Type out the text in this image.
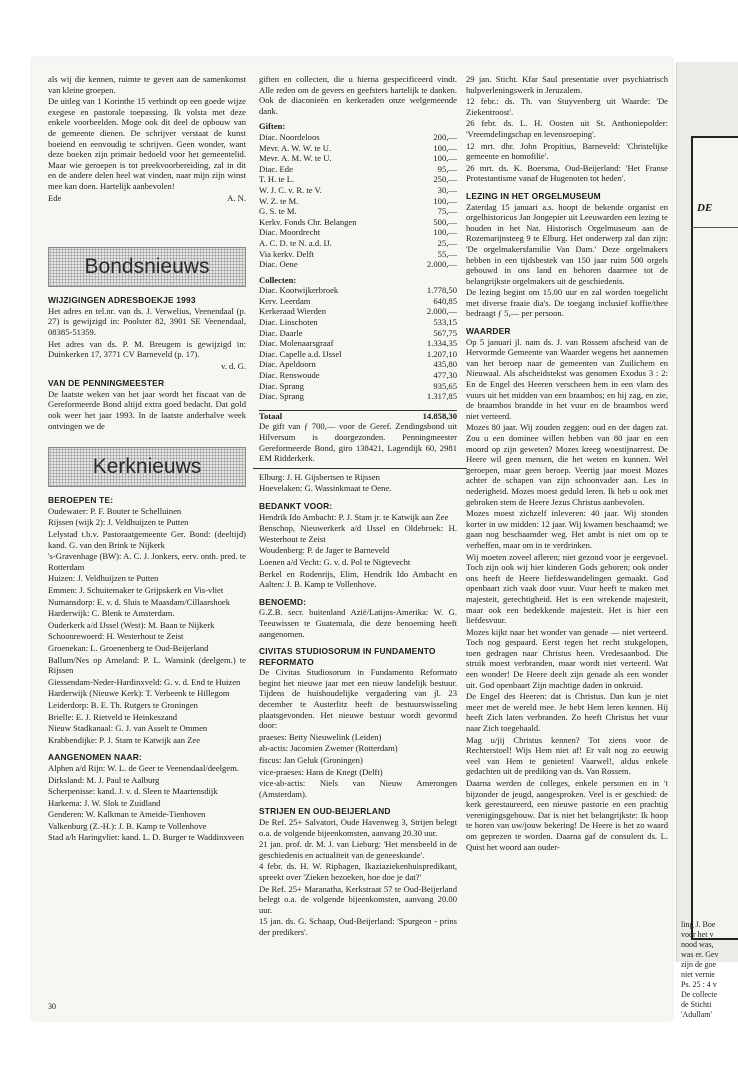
DE
ling J. Boe
voor het v
nood was,
was er. Gev
zijn de goe
niet vernie
Ps. 25 : 4 v
De collecte
de Stichti
'Adullam'

als wij die kennen, ruimte te geven aan de samenkomst van kleine groepen.

De uitleg van 1 Korinthe 15 verbindt op een goede wijze exegese en pastorale toepassing. Ik volsta met deze enkele voorbeelden. Moge ook dit deel de opbouw van de gemeente dienen. De schrijver verstaat de kunst boeiend en eenvoudig te schrijven. Geen wonder, want deze boeken zijn primair bedoeld voor het gemeentelid. Maar wie geroepen is tot preekvoorbereiding, zal in dit en de andere delen heel wat vinden, naar mijn zijn winst mee kan doen. Hartelijk aanbevolen!

Ede	A. N.
Bondsnieuws
WIJZIGINGEN ADRESBOEKJE 1993

Het adres en tel.nr. van ds. J. Verwelius, Veenendaal (p. 27) is gewijzigd in: Poolster 82, 3901 SE Veenendaal, 08385-51359.

Het adres van ds. P. M. Breugem is gewijzigd in: Duinkerken 17, 3771 CV Barneveld (p. 17).

v. d. G.
VAN DE PENNINGMEESTER

De laatste weken van het jaar wordt het fiscaat van de Gereformeerde Bond altijd extra goed bedacht. Dat gold ook weer het jaar 1993. In de laatste anderhalve week ontvingen we de

Kerknieuws
BEROEPEN TE:

Oudewater: P. F. Bouter te Schelluinen

Rijssen (wijk 2): J. Veldhuijzen te Putten

Lelystad t.b.v. Pastoraatgemeente Ger. Bond: (deeltijd) kand. G. van den Brink te Nijkerk

's-Gravenhage (BW): A. C. J. Jonkers, eerv. onth. pred. te Rotterdam

Huizen: J. Veldhuijzen te Putten

Emmen: J. Schuitemaker te Grijpskerk en Vis-vliet

Numansdorp: E. v. d. Sluis te Maasdam/Cillaarshoek

Harderwijk: C. Blenk te Amsterdam.

Ouderkerk a/d IJssel (West): M. Baan te Nijkerk

Schoonrewoerd: H. Westerhout te Zeist

Groenekan: L. Groenenberg te Oud-Beijerland

Ballum/Nes op Ameland: P. L. Wansink (deelgem.) te Rijssen

Giessendam-Neder-Hardinxveld: G. v. d. End te Huizen

Harderwijk (Nieuwe Kerk): T. Verbeenk te Hillegom

Leiderdorp: B. E. Th. Rutgers te Groningen

Brielle: E. J. Rietveld te Heinkeszand

Nieuw Stadkanaal: G. J. van Asselt te Ommen

Krabbendijke: P. J. Stam te Katwijk aan Zee

AANGENOMEN NAAR:

Alphen a/d Rijn: W. L. de Geer te Veenendaal/deelgem.

Dirksland: M. J. Paul te Aalburg

Scherpenisse: kand. J. v. d. Sleen te Maartensdijk

Harkema: J. W. Slok te Zuidland

Genderen: W. Kalkman te Ameide-Tienhoven

Valkenburg (Z.-H.): J. B. Kamp te Vollenhove

Stad a/h Haringvliet: kand. L. D. Burger te Waddinxveen

30

giften en collecten, die u hierna gespecificeerd vindt. Alle reden om de gevers en geefsters hartelijk te danken. Ook de diaconieën en kerkeraden onze welgemeende dank.

Giften:
Diac. Noordeloos	200,—
Mevr. A. W. W. te U.	100,—
Mevr. A. M. W. te U.	100,—
Diac. Ede	95,—
T. H. te L.	250,—
W. J. C. v. R. te V.	30,—
W. Z. te M.	100,—
G. S. te M.	75,—
Kerkv. Fonds Chr. Belangen	500,—
Diac. Moordrecht	100,—
A. C. D. te N. a.d. IJ.	25,—
Via kerkv. Delft	55,—
Diac. Oene	2.000,—
Collecten:
Diac. Kootwijkerbroek	1.778,50
Kerv. Leerdam	640,85
Kerkeraad Wierden	2.000,—
Diac. Linschoten	533,15
Diac. Daarle	567,75
Diac. Molenaarsgraaf	1.334,35
Diac. Capelle a.d. IJssel	1.207,10
Diac. Apeldoorn	435,80
Diac. Renswoude	477,30
Diac. Sprang	935,65
Diac. Sprang	1.317,85

Totaal	14.858,30

De gift van ƒ 700,— voor de Geref. Zendingsbond uit Hilversum is doorgezonden. Penningmeester Gereformeerde Bond, giro 138421, Lagendijk 60, 2981 EM Ridderkerk.

Elburg: J. H. Gijsbertsen te Rijssen

Hoevelaken: G. Wassinkmaat te Oene.

BEDANKT VOOR:

Hendrik Ido Ambacht: P. J. Stam jr. te Katwijk aan Zee

Benschop, Nieuwerkerk a/d IJssel en Oldebroek: H. Westerhout te Zeist

Woudenberg: P. de Jager te Barneveld

Loenen a/d Vecht: G. v. d. Pol te Nigtevecht

Berkel en Rodenrijs, Elim, Hendrik Ido Ambacht en Aalten: J. B. Kamp te Vollenhove.

BENOEMD:

G.Z.B. secr. buitenland Azië/Latijns-Amerika: W. G. Teeuwissen te Guatemala, die deze benoeming heeft aangenomen.

CIVITAS STUDIOSORUM IN FUNDAMENTO REFORMATO

De Civitas Studiosorum in Fundamento Reformato begint het nieuwe jaar met een nieuw landelijk bestuur. Tijdens de huishoudelijke vergadering van jl. 23 december te Austerlitz heeft de bestuurswisseling plaatsgevonden. Het nieuwe bestuur wordt gevormd door:

praeses: Betty Nieuwelink (Leiden)

ab-actis: Jacomien Zwemer (Rotterdam)

fiscus: Jan Geluk (Groningen)

vice-praeses: Hans de Knegt (Delft)

vice-ab-actis: Niels van Nieuw Amerongen (Amsterdam).

STRIJEN EN OUD-BEIJERLAND

De Ref. 25+ Salvatori, Oude Havenweg 3, Strijen belegt o.a. de volgende bijeenkomsten, aanvang 20.30 uur.

21 jan. prof. dr. M. J. van Lieburg: 'Het mensbeeld in de geschiedenis en actualiteit van de geneeskunde'.

4 febr. ds. H. W. Riphagen, Ikaziaziekenhuispredikant, spreekt over 'Zieken bezoeken, hoe doe je dat?'

De Ref. 25+ Maranatha, Kerkstraat 57 te Oud-Beijerland belegt o.a. de volgende bijeenkomsten, aanvang 20.00 uur.

15 jan. ds. G. Schaap, Oud-Beijerland: 'Spurgeon - prins der predikers'.

29 jan. Sticht. Kfar Saul presentatie over psychiatrisch hulpverleningswerk in Jeruzalem.

12 febr.: ds. Th. van Stuyvenberg uit Waarde: 'De Ziekentroost'.

26 febr. ds. L. H. Oosten uit St. Anthoniepolder: 'Vreemdelingschap en levensroeping'.

12 mrt. dhr. John Propitius, Barneveld: 'Christelijke gemeente en homofilie'.

26 mrt. ds. K. Boersma, Oud-Beijerland: 'Het Franse Protestantisme vanaf de Hugenoten tot heden'.

LEZING IN HET ORGELMUSEUM

Zaterdag 15 januari a.s. hoopt de bekende organist en orgelhistoricus Jan Jongepier uit Leeuwarden een lezing te houden in het Nat. Historisch Orgelmuseum aan de Rozemarijnsteeg 9 te Elburg. Het onderwerp zal dan zijn: 'De orgelmakersfamilie Van Dam.' Deze orgelmakers hebben in een tijdsbestek van 150 jaar ruim 500 orgels gebouwd in ons land en behoren daarmee tot de belangrijkste orgelmakers uit de geschiedenis.

De lezing begint om 15.00 uur en zal worden toegelicht met diverse fraaie dia's. De toegang inclusief koffie/thee bedraagt ƒ 5,— per persoon.

WAARDER

Op 5 januari jl. nam ds. J. van Rossem afscheid van de Hervormde Gemeente van Waarder wegens het aannemen van het beroep naar de gemeenten van Zuilichem en Nieuwaal. Als afscheidstekst was genomen Exodus 3 : 2: En de Engel des Heeren verscheen hem in een vlam des vuurs uit het midden van een braambos; en hij zag, en zie, de braambos brandde in het vuur en de braambos werd niet verteerd.

Mozes 80 jaar. Wij zouden zeggen: oud en der dagen zat. Zou u een dominee willen hebben van 80 jaar en een moord op zijn geweten? Mozes kreeg woestijnarrest. De Heere wil geen mensen, die het weten en kunnen. Wel geroepen, maar geen beroep. Veertig jaar moest Mozes achter de schapen van zijn schoonvader aan. Les in nederigheid. Mozes moest geduld leren. Ik heb u ook met gebroken stem de Heere Jezus Christus aanbevolen.

Mozes moest zichzelf inleveren: 40 jaar. Wij stonden korter in uw midden: 12 jaar. Wij kwamen beschaamd; we gaan nog beschaamder weg. Het ambt is niet om op te verheffen, maar om in te verdrinken.

Wij moeten zoveel afleren; niet gezond voor je eergevoel. Toch zijn ook wij hier kinderen Gods geboren; ook onder ons heeft de Heere liefdeswandelingen gemaakt. God openbaart zich vaak door vuur. Vuur heeft te maken met majesteit, gerechtigheid. Het is een wrekende majesteit, maar ook een bedekkende majesteit. Het is hier een liefdesvuur.

Mozes kijkt naar het wonder van genade — niet verteerd. Toch nog gespaard. Eerst tegen het recht stukgelopen, toen gedragen naar Christus heen. Vredesaanbod. Die struik moest verbranden, maar wordt niet verteerd. Wat een wonder! De Heere deelt zijn genade als een wonder uit. God openbaart Zijn machtige daden in onkruid.

De Engel des Heeren: dat is Christus. Dan kun je niet meer met de wereld mee. Je hebt Hem leren kennen. Hij heeft Zich laten verbranden. Zo heeft Christus het vuur naar Zich toegehaald.

Mag u/jij Christus kennen? Tot ziens voor de Rechterstoel! Wijs Hem niet af! Er valt nog zo eeuwig veel van Hem te genieten! Vaarwel!, aldus enkele gedachten uit de prediking van ds. Van Rossem.

Daarna werden de colleges, enkele personen en in 't bijzonder de jeugd, aangesproken. Veel is er geschied: de kerk gerestaureerd, een nieuwe pastorie en een prachtig verenigingsgebouw. Dat is niet het belangrijkste: Ik hoop te horen van uw/jouw bekering! De Heere is het zo waard om geprezen te worden. Daarna gaf de consulent ds. L. Quist het woord aan ouder-
